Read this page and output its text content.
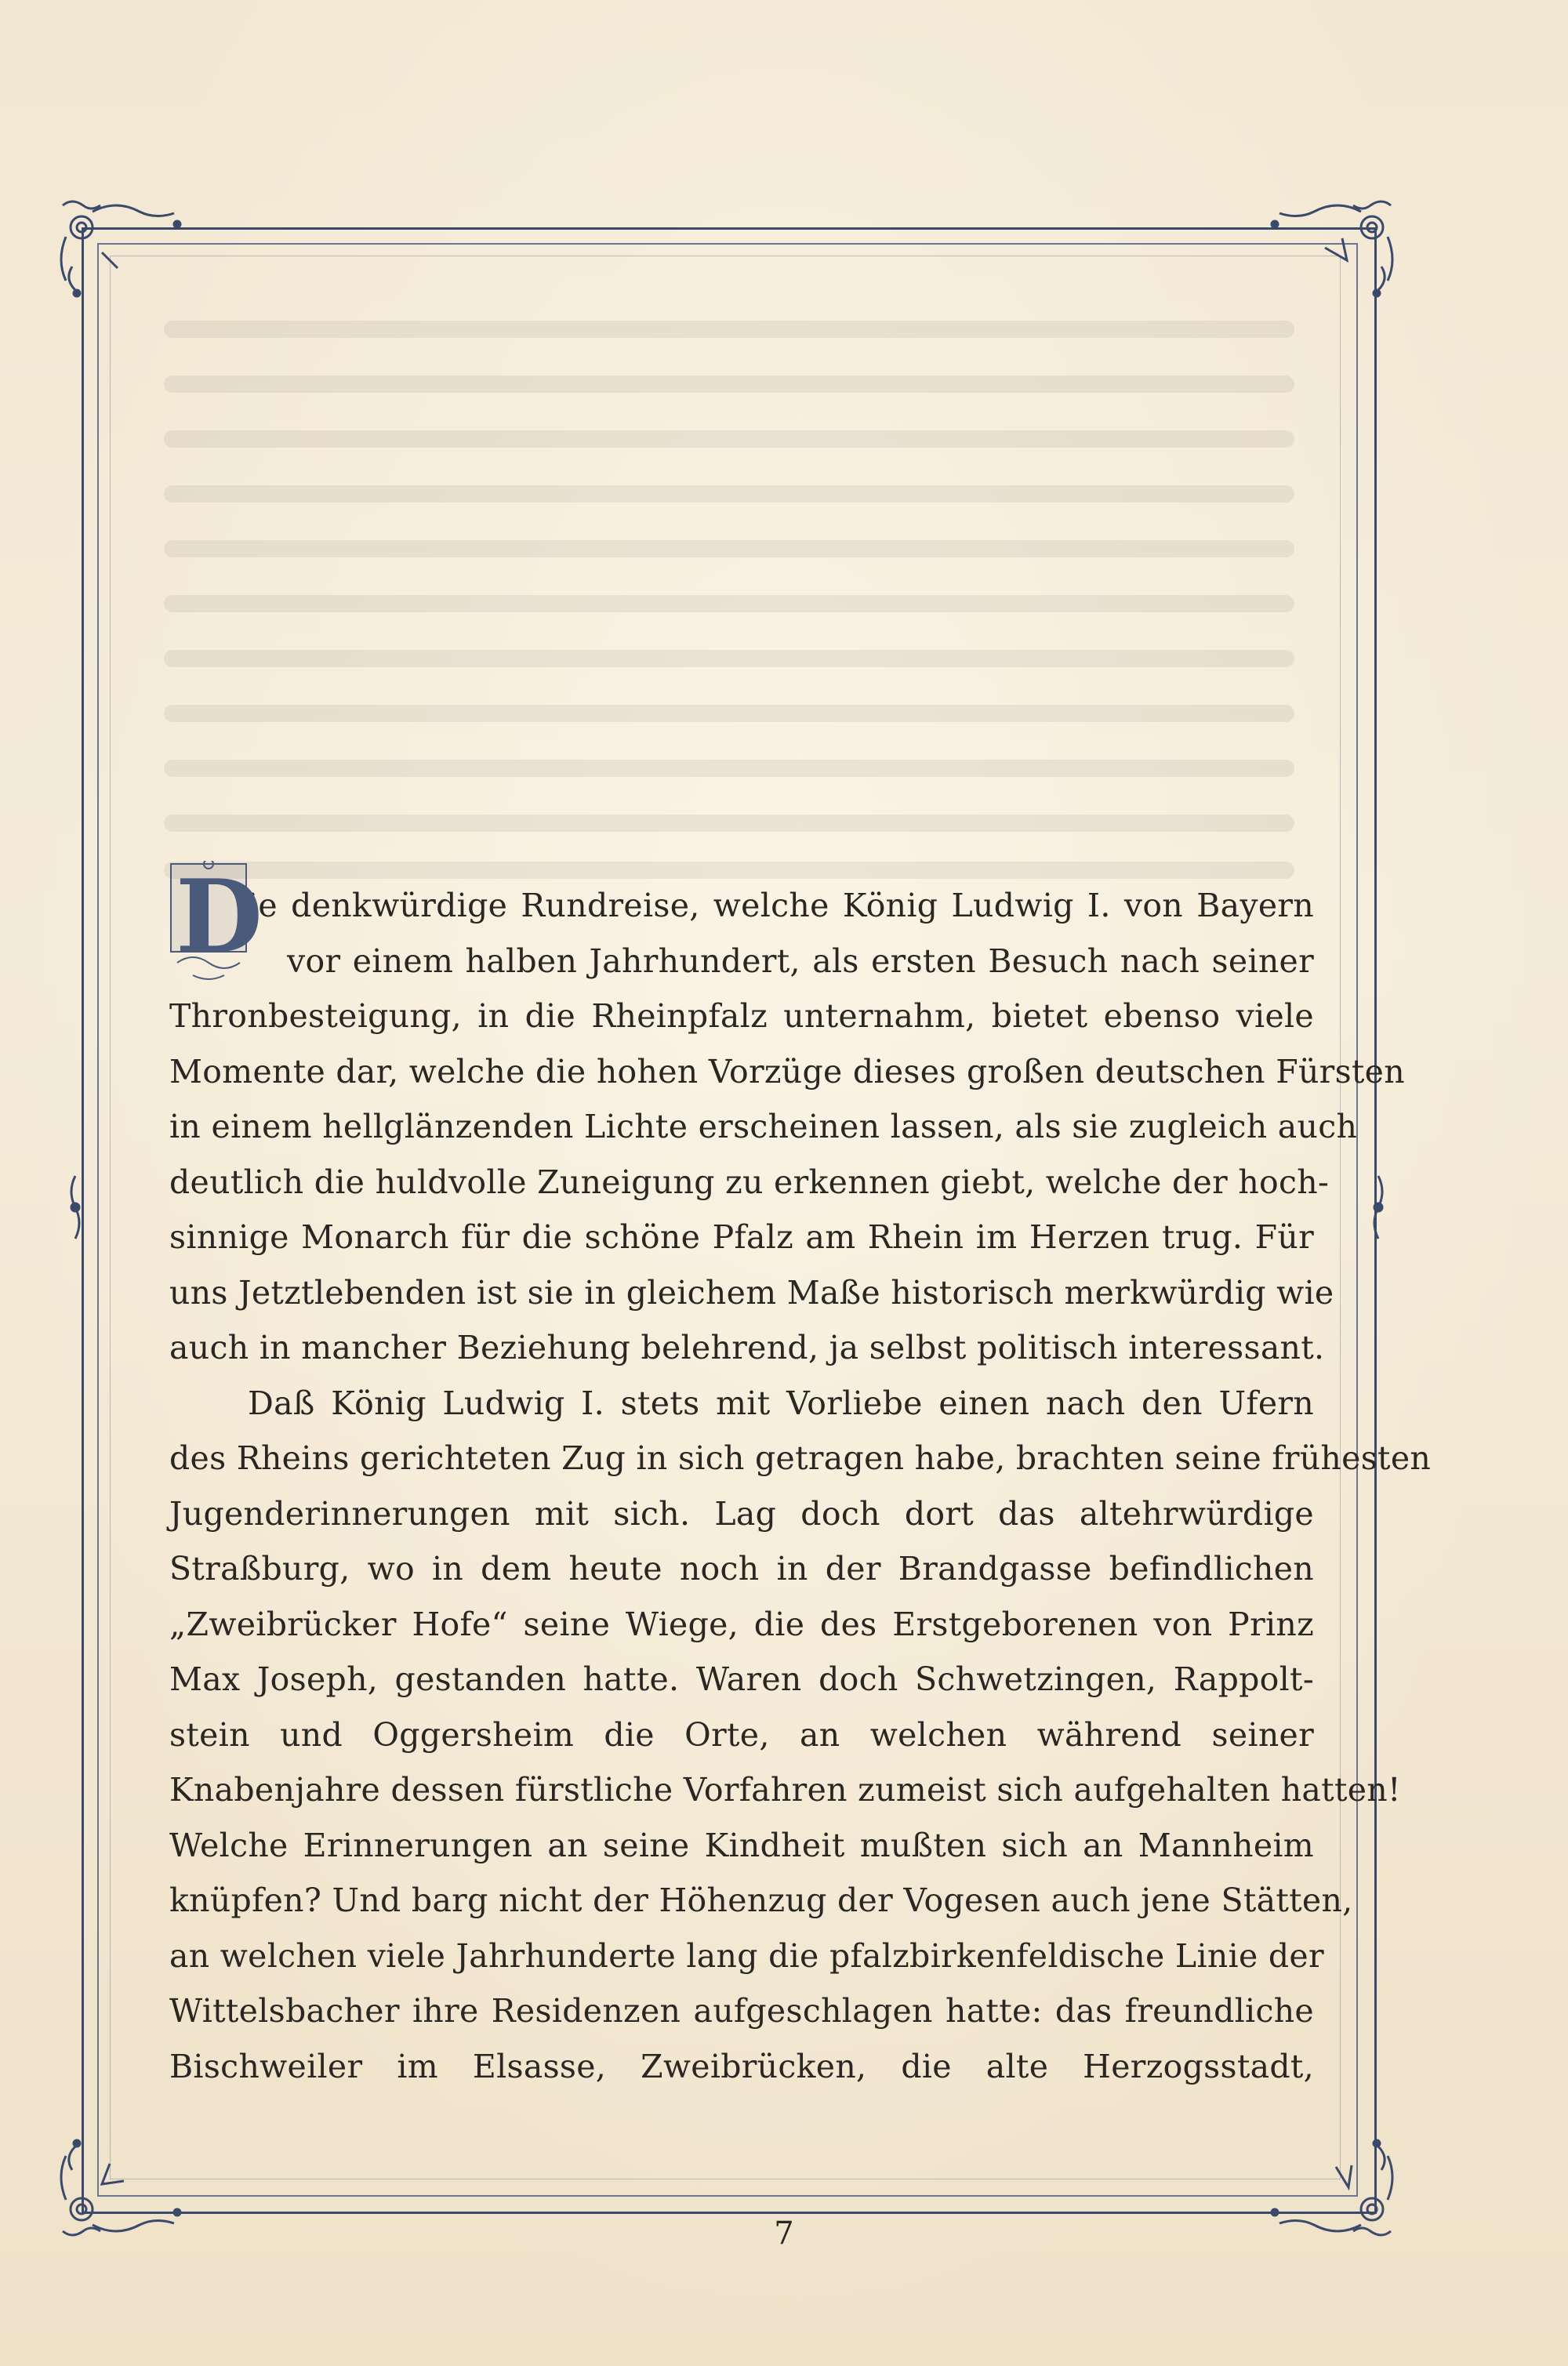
D
ie denkwürdige Rundreise, welche König Ludwig I. von Bayern
vor einem halben Jahrhundert, als ersten Besuch nach seiner
Thronbesteigung, in die Rheinpfalz unternahm, bietet ebenso viele
Momente dar, welche die hohen Vorzüge dieses großen deutschen Fürsten
in einem hellglänzenden Lichte erscheinen lassen, als sie zugleich auch
deutlich die huldvolle Zuneigung zu erkennen giebt, welche der hoch-
sinnige Monarch für die schöne Pfalz am Rhein im Herzen trug. Für
uns Jetztlebenden ist sie in gleichem Maße historisch merkwürdig wie
auch in mancher Beziehung belehrend, ja selbst politisch interessant.
Daß König Ludwig I. stets mit Vorliebe einen nach den Ufern
des Rheins gerichteten Zug in sich getragen habe, brachten seine frühesten
Jugenderinnerungen mit sich. Lag doch dort das altehrwürdige
Straßburg, wo in dem heute noch in der Brandgasse befindlichen
„Zweibrücker Hofe“ seine Wiege, die des Erstgeborenen von Prinz
Max Joseph, gestanden hatte. Waren doch Schwetzingen, Rappolt-
stein und Oggersheim die Orte, an welchen während seiner
Knabenjahre dessen fürstliche Vorfahren zumeist sich aufgehalten hatten!
Welche Erinnerungen an seine Kindheit mußten sich an Mannheim
knüpfen? Und barg nicht der Höhenzug der Vogesen auch jene Stätten,
an welchen viele Jahrhunderte lang die pfalzbirkenfeldische Linie der
Wittelsbacher ihre Residenzen aufgeschlagen hatte: das freundliche
Bischweiler im Elsasse, Zweibrücken, die alte Herzogsstadt,
7
